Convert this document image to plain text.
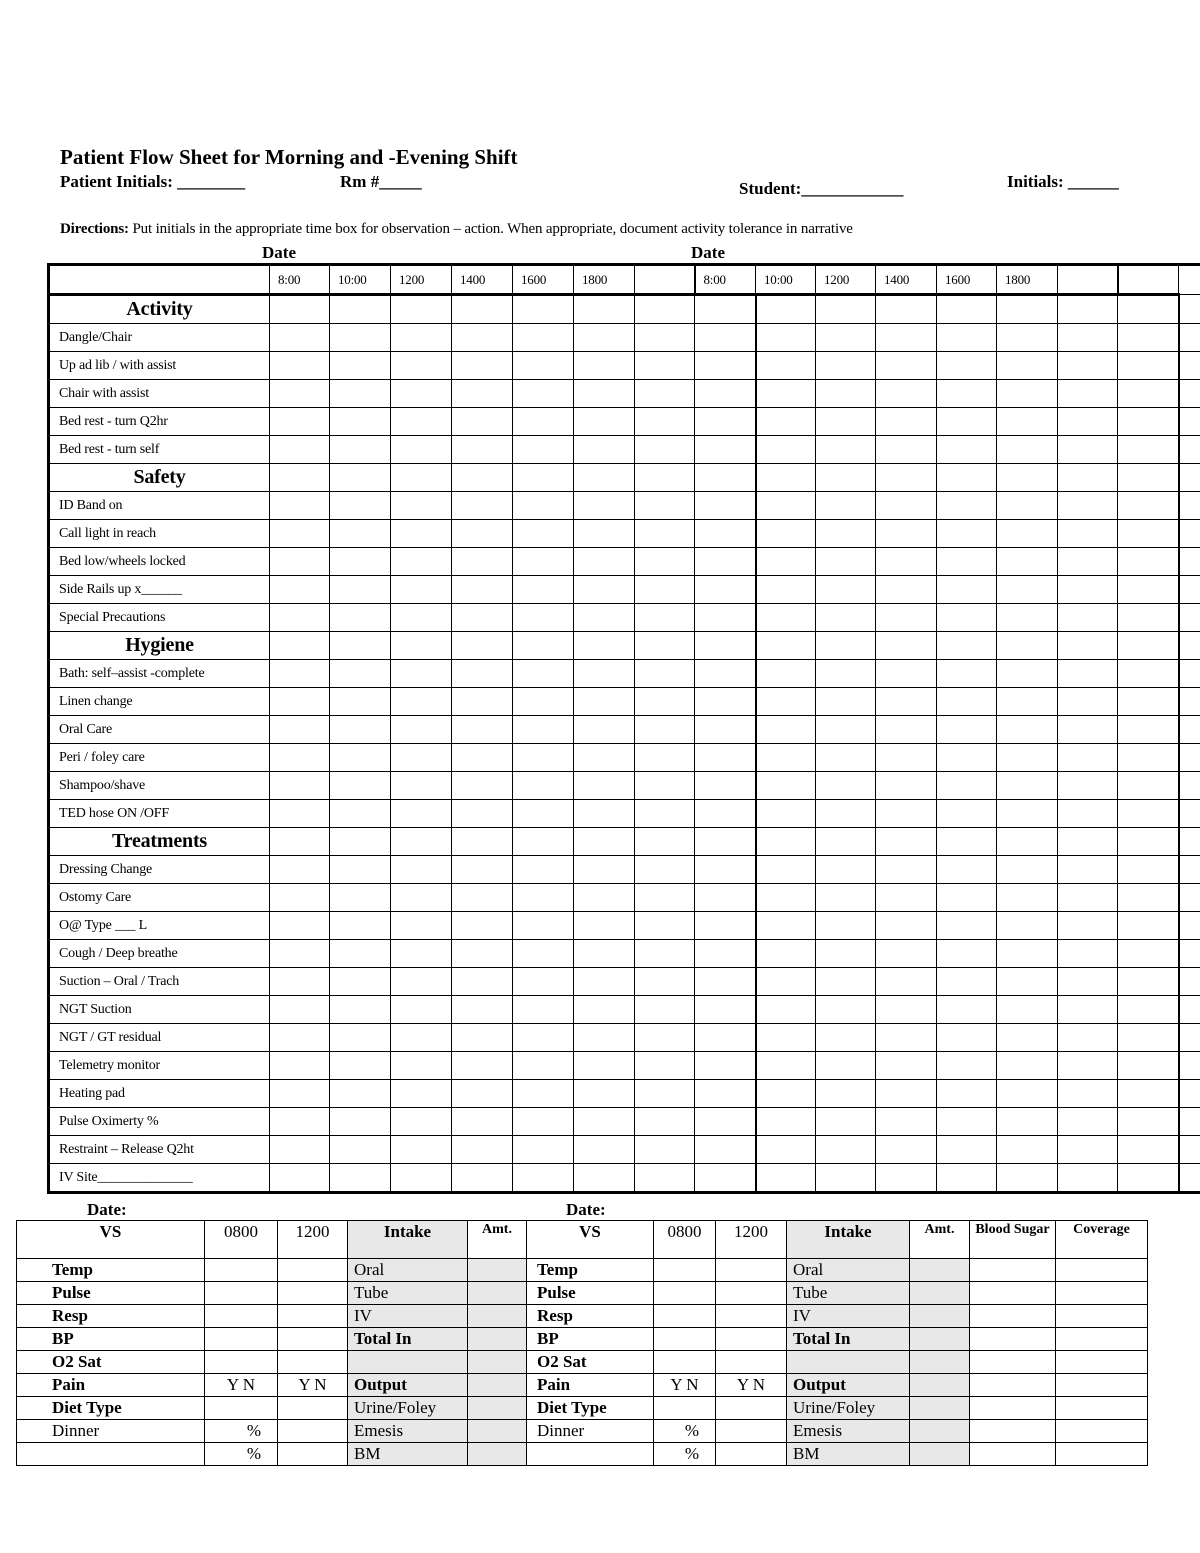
Patient Flow Sheet for Morning and -Evening Shift
Patient Initials: ________	Rm #_____	Student:____________	Initials: ______
Directions: Put initials in the appropriate time box for observation – action. When appropriate, document activity tolerance in narrative
Date	Date
	8:00	10:00	1200	1400	1600	1800		8:00	10:00	1200	1400	1600	1800			
Activity																
Dangle/Chair																
Up ad lib / with assist																
Chair with assist																
Bed rest - turn Q2hr																
Bed rest - turn self																
Safety																
ID Band on																
Call light in reach																
Bed low/wheels locked																
Side Rails up x______																
Special Precautions																
Hygiene																
Bath: self–assist -complete																
Linen change																
Oral Care																
Peri / foley care																
Shampoo/shave																
TED hose ON /OFF																
Treatments																
Dressing Change																
Ostomy Care																
O@ Type ___ L																
Cough / Deep breathe																
Suction – Oral / Trach																
NGT Suction																
NGT / GT residual																
Telemetry monitor																
Heating pad																
Pulse Oximerty %																
Restraint – Release Q2ht																
IV Site______________																
Date:	Date:
VS	0800	1200	Intake	Amt.	VS	0800	1200	Intake	Amt.	Blood Sugar	Coverage
Temp			Oral		Temp			Oral			
Pulse			Tube		Pulse			Tube			
Resp			IV		Resp			IV			
BP			Total In		BP			Total In			
O2 Sat					O2 Sat						
Pain	Y N	Y N	Output		Pain	Y N	Y N	Output			
Diet Type			Urine/Foley		Diet Type			Urine/Foley			
Dinner	%		Emesis		Dinner	%		Emesis			
	%		BM			%		BM			
